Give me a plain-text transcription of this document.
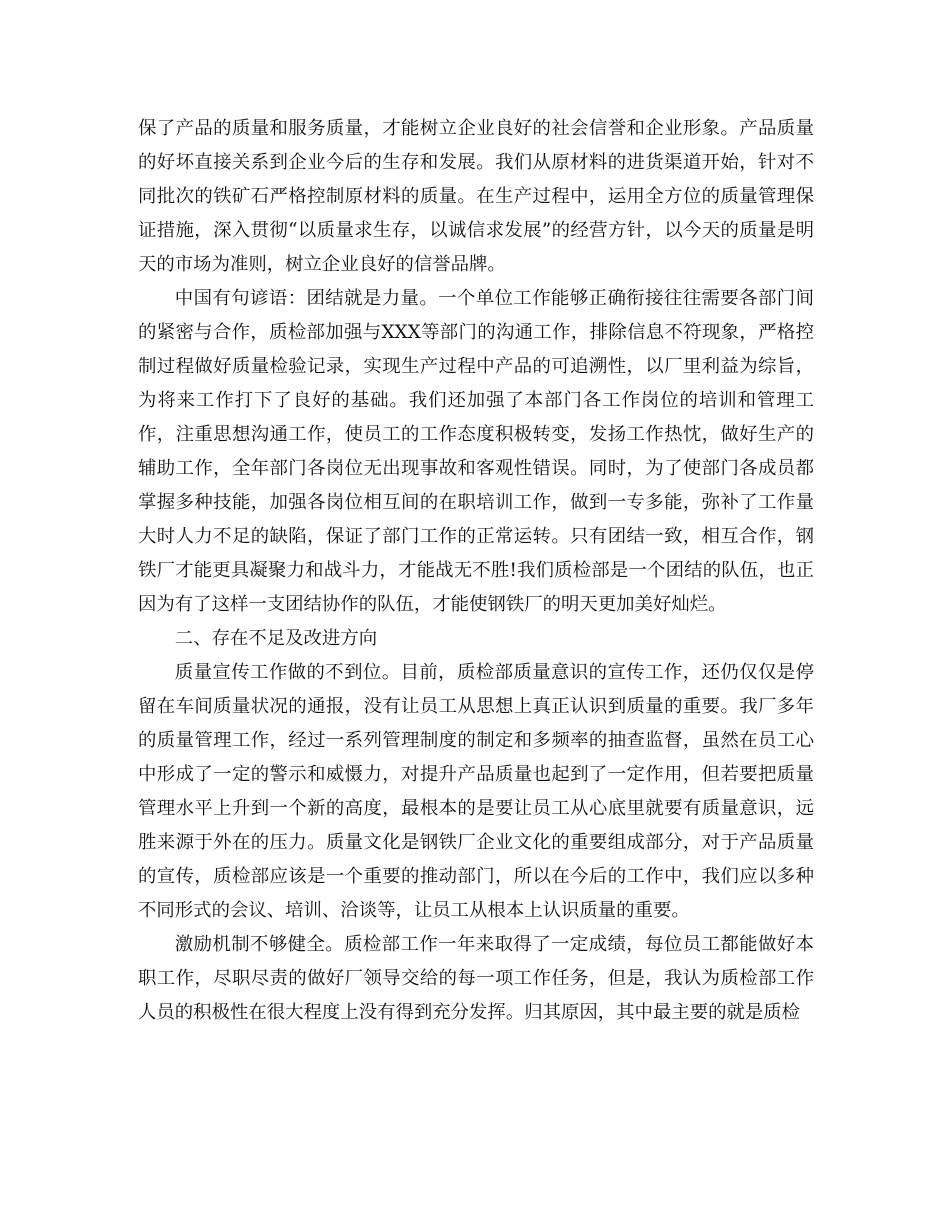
保了产品的质量和服务质量，才能树立企业良好的社会信誉和企业形象。产品质量的好坏直接关系到企业今后的生存和发展。我们从原材料的进货渠道开始，针对不同批次的铁矿石严格控制原材料的质量。在生产过程中，运用全方位的质量管理保证措施，深入贯彻“以质量求生存，以诚信求发展”的经营方针，以今天的质量是明天的市场为准则，树立企业良好的信誉品牌。

中国有句谚语：团结就是力量。一个单位工作能够正确衔接往往需要各部门间的紧密与合作，质检部加强与XXX等部门的沟通工作，排除信息不符现象，严格控制过程做好质量检验记录，实现生产过程中产品的可追溯性，以厂里利益为综旨，为将来工作打下了良好的基础。我们还加强了本部门各工作岗位的培训和管理工作，注重思想沟通工作，使员工的工作态度积极转变，发扬工作热忱，做好生产的辅助工作，全年部门各岗位无出现事故和客观性错误。同时，为了使部门各成员都掌握多种技能，加强各岗位相互间的在职培训工作，做到一专多能，弥补了工作量大时人力不足的缺陷，保证了部门工作的正常运转。只有团结一致，相互合作，钢铁厂才能更具凝聚力和战斗力，才能战无不胜!我们质检部是一个团结的队伍，也正因为有了这样一支团结协作的队伍，才能使钢铁厂的明天更加美好灿烂。

二、存在不足及改进方向

质量宣传工作做的不到位。目前，质检部质量意识的宣传工作，还仍仅仅是停留在车间质量状况的通报，没有让员工从思想上真正认识到质量的重要。我厂多年的质量管理工作，经过一系列管理制度的制定和多频率的抽查监督，虽然在员工心中形成了一定的警示和威慑力，对提升产品质量也起到了一定作用，但若要把质量管理水平上升到一个新的高度，最根本的是要让员工从心底里就要有质量意识，远胜来源于外在的压力。质量文化是钢铁厂企业文化的重要组成部分，对于产品质量的宣传，质检部应该是一个重要的推动部门，所以在今后的工作中，我们应以多种不同形式的会议、培训、洽谈等，让员工从根本上认识质量的重要。

激励机制不够健全。质检部工作一年来取得了一定成绩，每位员工都能做好本职工作，尽职尽责的做好厂领导交给的每一项工作任务，但是，我认为质检部工作人员的积极性在很大程度上没有得到充分发挥。归其原因，其中最主要的就是质检
